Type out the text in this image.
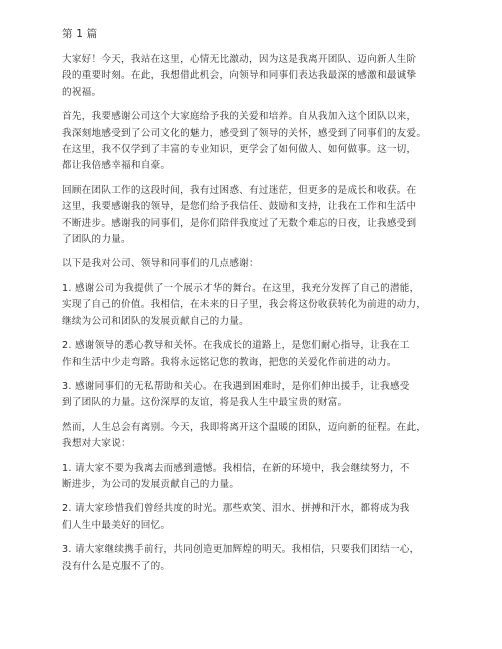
第 1 篇

大家好！今天，我站在这里，心情无比激动，因为这是我离开团队、迈向新人生阶
段的重要时刻。在此，我想借此机会，向领导和同事们表达我最深的感激和最诚挚
的祝福。

首先，我要感谢公司这个大家庭给予我的关爱和培养。自从我加入这个团队以来，
我深刻地感受到了公司文化的魅力，感受到了领导的关怀，感受到了同事们的友爱。
在这里，我不仅学到了丰富的专业知识，更学会了如何做人、如何做事。这一切，
都让我倍感幸福和自豪。

回顾在团队工作的这段时间，我有过困惑、有过迷茫，但更多的是成长和收获。在
这里，我要感谢我的领导，是您们给予我信任、鼓励和支持，让我在工作和生活中
不断进步。感谢我的同事们，是你们陪伴我度过了无数个难忘的日夜，让我感受到
了团队的力量。

以下是我对公司、领导和同事们的几点感谢：

1. 感谢公司为我提供了一个展示才华的舞台。在这里，我充分发挥了自己的潜能，
实现了自己的价值。我相信，在未来的日子里，我会将这份收获转化为前进的动力，
继续为公司和团队的发展贡献自己的力量。

2. 感谢领导的悉心教导和关怀。在我成长的道路上，是您们耐心指导，让我在工
作和生活中少走弯路。我将永远铭记您的教诲，把您的关爱化作前进的动力。

3. 感谢同事们的无私帮助和关心。在我遇到困难时，是你们伸出援手，让我感受
到了团队的力量。这份深厚的友谊，将是我人生中最宝贵的财富。

然而，人生总会有离别。今天，我即将离开这个温暖的团队，迈向新的征程。在此，
我想对大家说：

1. 请大家不要为我离去而感到遗憾。我相信，在新的环境中，我会继续努力，不
断进步，为公司的发展贡献自己的力量。

2. 请大家珍惜我们曾经共度的时光。那些欢笑、泪水、拼搏和汗水，都将成为我
们人生中最美好的回忆。

3. 请大家继续携手前行，共同创造更加辉煌的明天。我相信，只要我们团结一心，
没有什么是克服不了的。
